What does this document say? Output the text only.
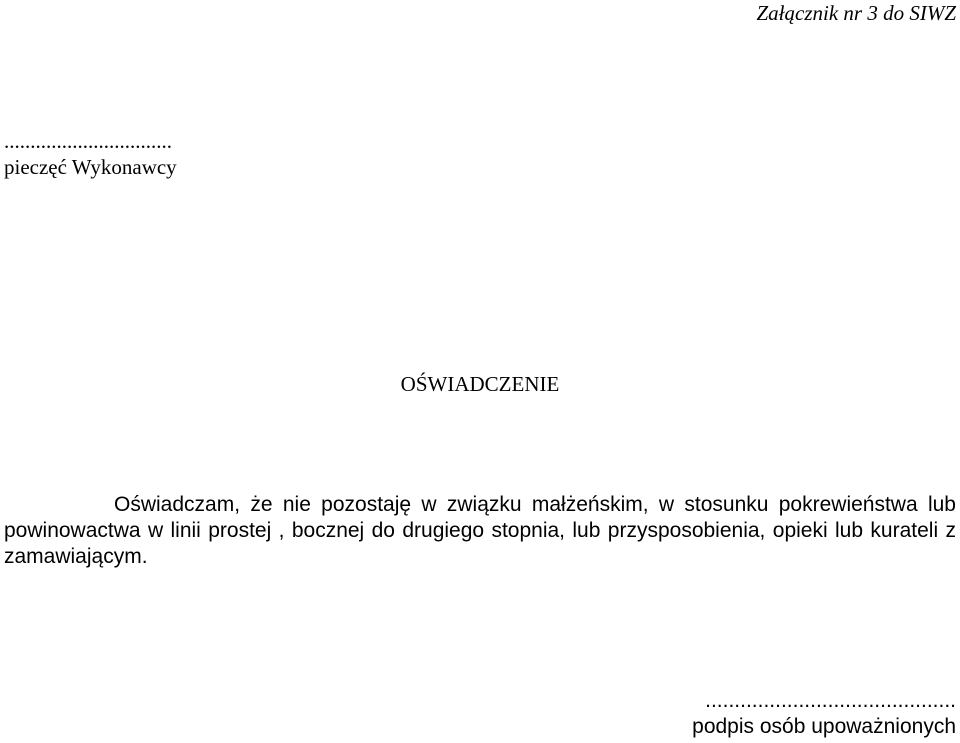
Załącznik nr 3 do SIWZ
................................
pieczęć Wykonawcy
OŚWIADCZENIE

Oświadczam, że nie pozostaję w związku małżeńskim, w stosunku pokrewieństwa lub powinowactwa w linii prostej , bocznej do drugiego stopnia, lub przysposobienia, opieki lub kurateli z zamawiającym.

...........................................
podpis osób upoważnionych
